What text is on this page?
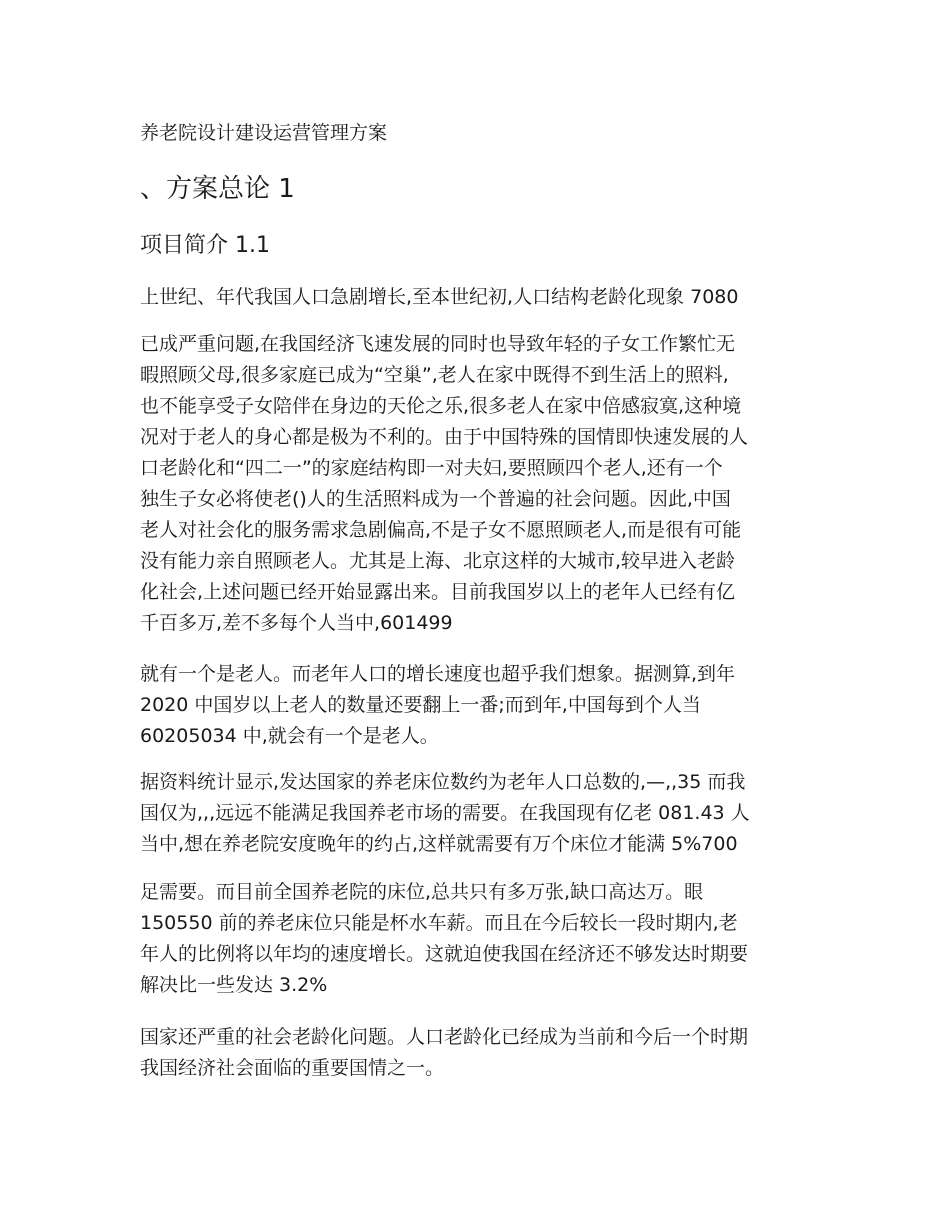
养老院设计建设运营管理方案
、方案总论 1
项目简介 1.1

上世纪、年代我国人口急剧增长,至本世纪初,人口结构老龄化现象 7080

已成严重问题,在我国经济飞速发展的同时也导致年轻的子女工作繁忙无
暇照顾父母,很多家庭已成为“空巢”,老人在家中既得不到生活上的照料,
也不能享受子女陪伴在身边的天伦之乐,很多老人在家中倍感寂寞,这种境
况对于老人的身心都是极为不利的。由于中国特殊的国情即快速发展的人
口老龄化和“四二一”的家庭结构即一对夫妇,要照顾四个老人,还有一个
独生子女必将使老()人的生活照料成为一个普遍的社会问题。因此,中国
老人对社会化的服务需求急剧偏高,不是子女不愿照顾老人,而是很有可能
没有能力亲自照顾老人。尤其是上海、北京这样的大城市,较早进入老龄
化社会,上述问题已经开始显露出来。目前我国岁以上的老年人已经有亿
千百多万,差不多每个人当中,601499

就有一个是老人。而老年人口的增长速度也超乎我们想象。据测算,到年
2020 中国岁以上老人的数量还要翻上一番;而到年,中国每到个人当
60205034 中,就会有一个是老人。

据资料统计显示,发达国家的养老床位数约为老年人口总数的,—,,35 而我
国仅为,,,远远不能满足我国养老市场的需要。在我国现有亿老 081.43 人
当中,想在养老院安度晚年的约占,这样就需要有万个床位才能满 5%700

足需要。而目前全国养老院的床位,总共只有多万张,缺口高达万。眼
150550 前的养老床位只能是杯水车薪。而且在今后较长一段时期内,老
年人的比例将以年均的速度增长。这就迫使我国在经济还不够发达时期要
解决比一些发达 3.2%

国家还严重的社会老龄化问题。人口老龄化已经成为当前和今后一个时期
我国经济社会面临的重要国情之一。
